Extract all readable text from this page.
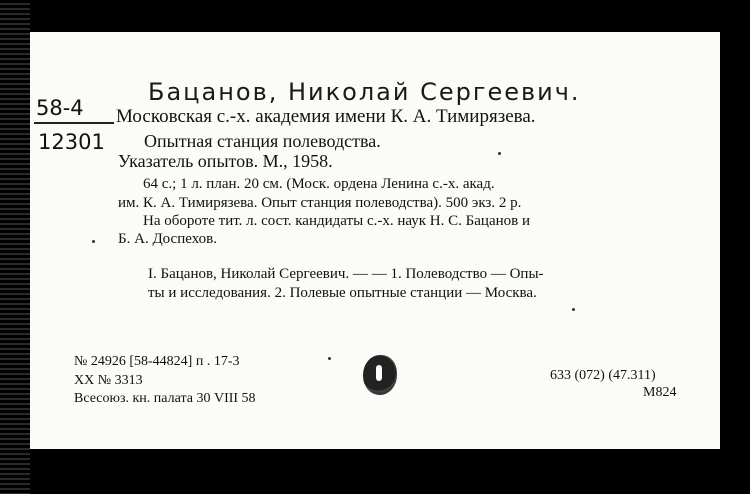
Бацанов, Николай Сергеевич.
58-4
12301
Московская с.-х. академия имени К. А. Тимирязева.
Опытная станция полеводства.
Указатель опытов. М., 1958.
64 с.; 1 л. план. 20 см. (Моск. ордена Ленина с.-х. акад.
им. К. А. Тимирязева. Опыт станция полеводства). 500 экз. 2 р.
На обороте тит. л. сост. кандидаты с.-х. наук Н. С. Бацанов и
Б. А. Доспехов.
I. Бацанов, Николай Сергеевич. — — 1. Полеводство — Опы-
ты и исследования. 2. Полевые опытные станции — Москва.
№ 24926 [58-44824] п . 17-3
XX № 3313
Всесоюз. кн. палата 30 VIII 58
633 (072) (47.311)
М824
